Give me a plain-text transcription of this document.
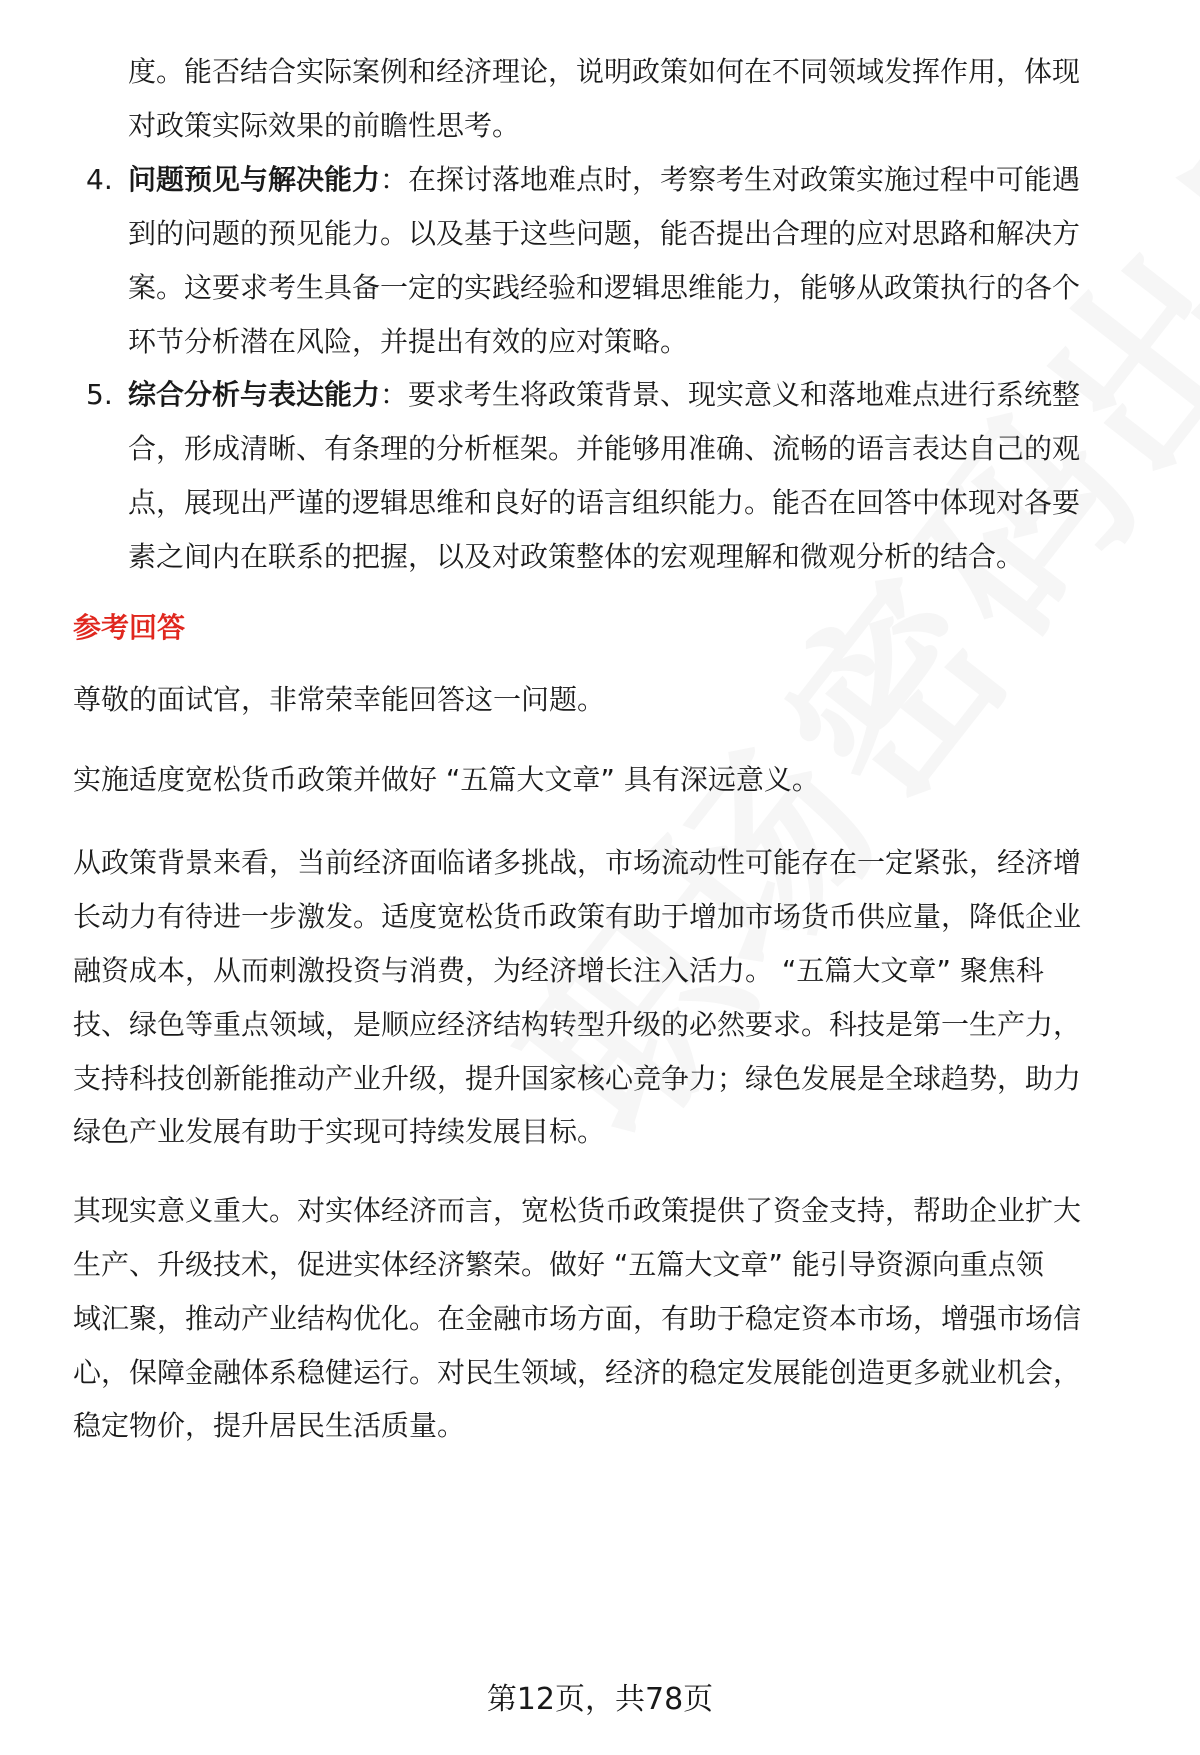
度。能否结合实际案例和经济理论，说明政策如何在不同领域发挥作用，体现
对政策实际效果的前瞻性思考。
4. 问题预见与解决能力：在探讨落地难点时，考察考生对政策实施过程中可能遇
到的问题的预见能力。以及基于这些问题，能否提出合理的应对思路和解决方
案。这要求考生具备一定的实践经验和逻辑思维能力，能够从政策执行的各个
环节分析潜在风险，并提出有效的应对策略。
5. 综合分析与表达能力：要求考生将政策背景、现实意义和落地难点进行系统整
合，形成清晰、有条理的分析框架。并能够用准确、流畅的语言表达自己的观
点，展现出严谨的逻辑思维和良好的语言组织能力。能否在回答中体现对各要
素之间内在联系的把握，以及对政策整体的宏观理解和微观分析的结合。
参考回答
尊敬的面试官，非常荣幸能回答这一问题。
实施适度宽松货币政策并做好 “五篇大文章” 具有深远意义。
从政策背景来看，当前经济面临诸多挑战，市场流动性可能存在一定紧张，经济增
长动力有待进一步激发。适度宽松货币政策有助于增加市场货币供应量，降低企业
融资成本，从而刺激投资与消费，为经济增长注入活力。 “五篇大文章” 聚焦科
技、绿色等重点领域，是顺应经济结构转型升级的必然要求。科技是第一生产力，
支持科技创新能推动产业升级，提升国家核心竞争力；绿色发展是全球趋势，助力
绿色产业发展有助于实现可持续发展目标。
其现实意义重大。对实体经济而言，宽松货币政策提供了资金支持，帮助企业扩大
生产、升级技术，促进实体经济繁荣。做好 “五篇大文章” 能引导资源向重点领
域汇聚，推动产业结构优化。在金融市场方面，有助于稳定资本市场，增强市场信
心，保障金融体系稳健运行。对民生领域，经济的稳定发展能创造更多就业机会，
稳定物价，提升居民生活质量。
第12页，共78页
